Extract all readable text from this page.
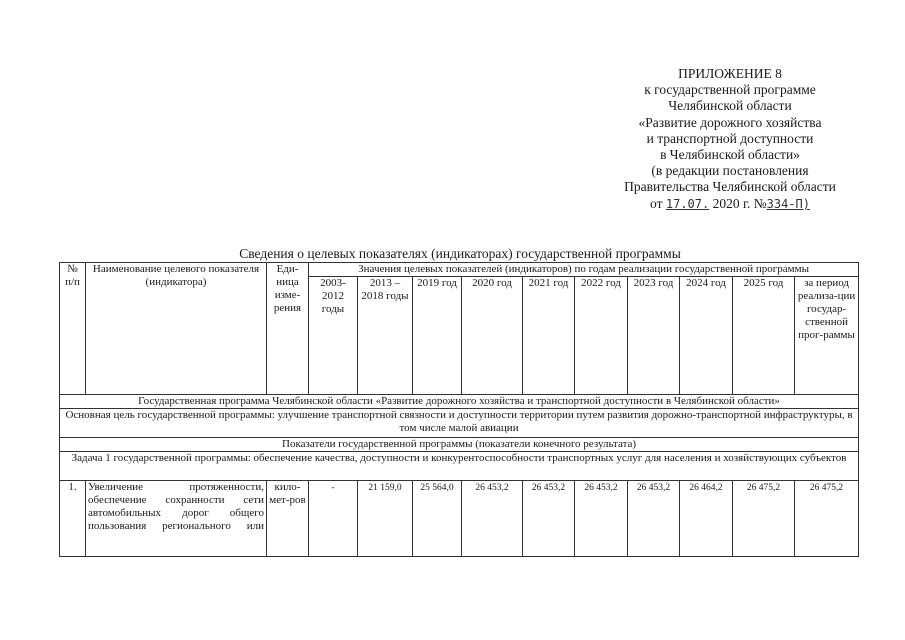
ПРИЛОЖЕНИЕ 8
к государственной программе
Челябинской области
«Развитие дорожного хозяйства
и транспортной доступности
в Челябинской области»
(в редакции постановления
Правительства Челябинской области
от 17.07. 2020 г. №334-П)
Сведения о целевых показателях (индикаторах) государственной программы
№ п/п	Наименование целевого показателя (индикатора)	Еди-ница изме-рения	Значения целевых показателей (индикаторов) по годам реализации государственной программы									
			2003-2012 годы	2013 – 2018 годы	2019 год	2020 год	2021 год	2022 год	2023 год	2024 год	2025 год	за период реализа-ции государ-ственной прог-раммы
Государственная программа Челябинской области «Развитие дорожного хозяйства и транспортной доступности в Челябинской области»												
Основная цель государственной программы: улучшение транспортной связности и доступности территории путем развития дорожно-транспортной инфраструктуры, в том числе малой авиации												
Показатели государственной программы (показатели конечного результата)												
Задача 1 государственной программы: обеспечение качества, доступности и конкурентоспособности транспортных услуг для населения и хозяйствующих субъектов												
1.	Увеличение протяженности, обеспечение сохранности сети автомобильных дорог общего пользования регионального или	кило-мет-ров	-	21 159,0	25 564,0	26 453,2	26 453,2	26 453,2	26 453,2	26 464,2	26 475,2	26 475,2
